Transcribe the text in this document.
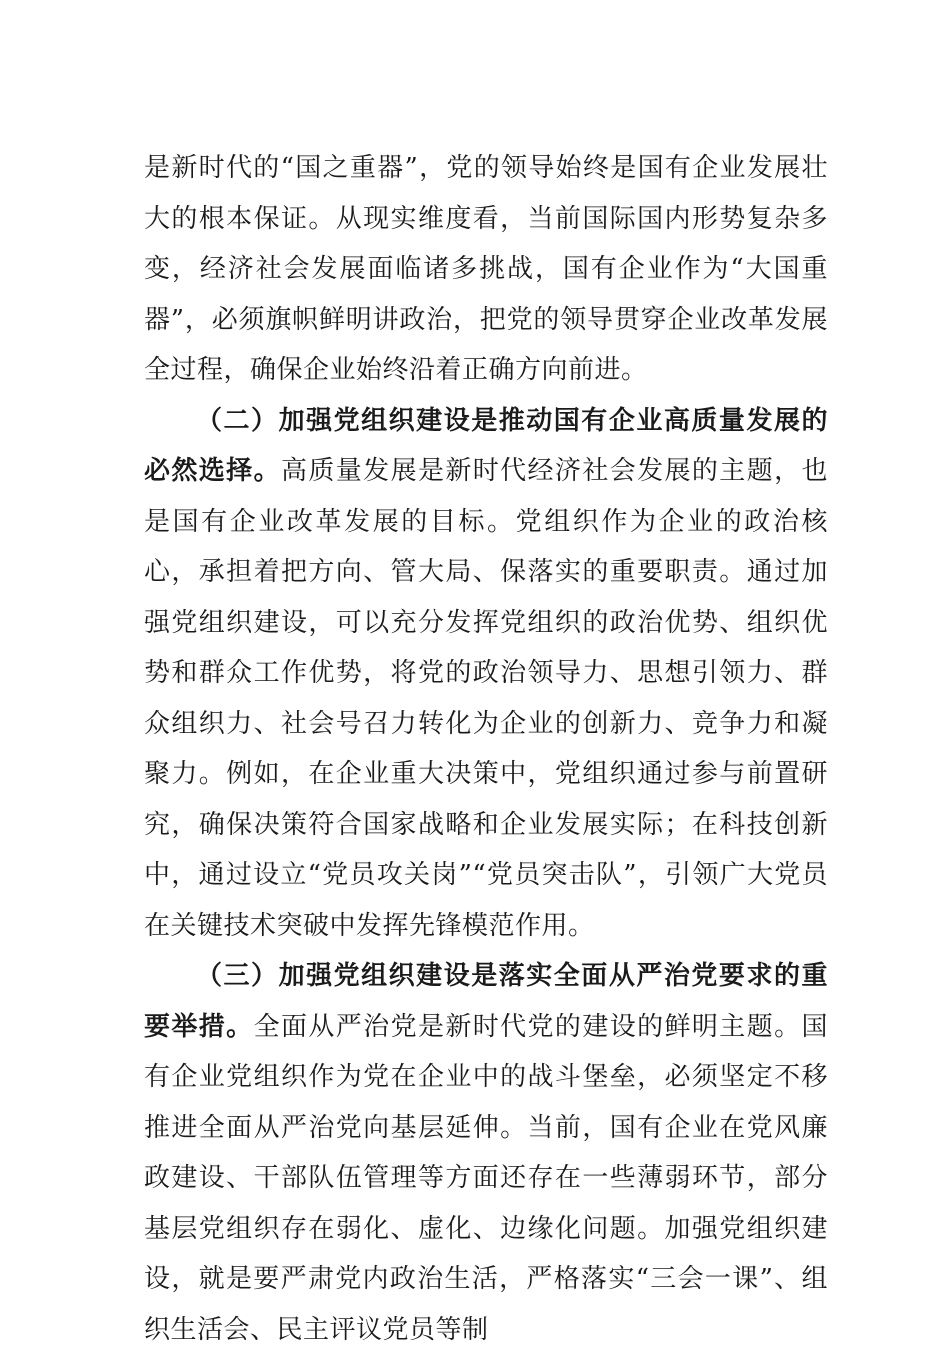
是新时代的“国之重器”，党的领导始终是国有企业发展壮大的根本保证。从现实维度看，当前国际国内形势复杂多变，经济社会发展面临诸多挑战，国有企业作为“大国重器”，必须旗帜鲜明讲政治，把党的领导贯穿企业改革发展全过程，确保企业始终沿着正确方向前进。

（二）加强党组织建设是推动国有企业高质量发展的必然选择。高质量发展是新时代经济社会发展的主题，也是国有企业改革发展的目标。党组织作为企业的政治核心，承担着把方向、管大局、保落实的重要职责。通过加强党组织建设，可以充分发挥党组织的政治优势、组织优势和群众工作优势，将党的政治领导力、思想引领力、群众组织力、社会号召力转化为企业的创新力、竞争力和凝聚力。例如，在企业重大决策中，党组织通过参与前置研究，确保决策符合国家战略和企业发展实际；在科技创新中，通过设立“党员攻关岗”“党员突击队”，引领广大党员在关键技术突破中发挥先锋模范作用。

（三）加强党组织建设是落实全面从严治党要求的重要举措。全面从严治党是新时代党的建设的鲜明主题。国有企业党组织作为党在企业中的战斗堡垒，必须坚定不移推进全面从严治党向基层延伸。当前，国有企业在党风廉政建设、干部队伍管理等方面还存在一些薄弱环节，部分基层党组织存在弱化、虚化、边缘化问题。加强党组织建设，就是要严肃党内政治生活，严格落实“三会一课”、组织生活会、民主评议党员等制
